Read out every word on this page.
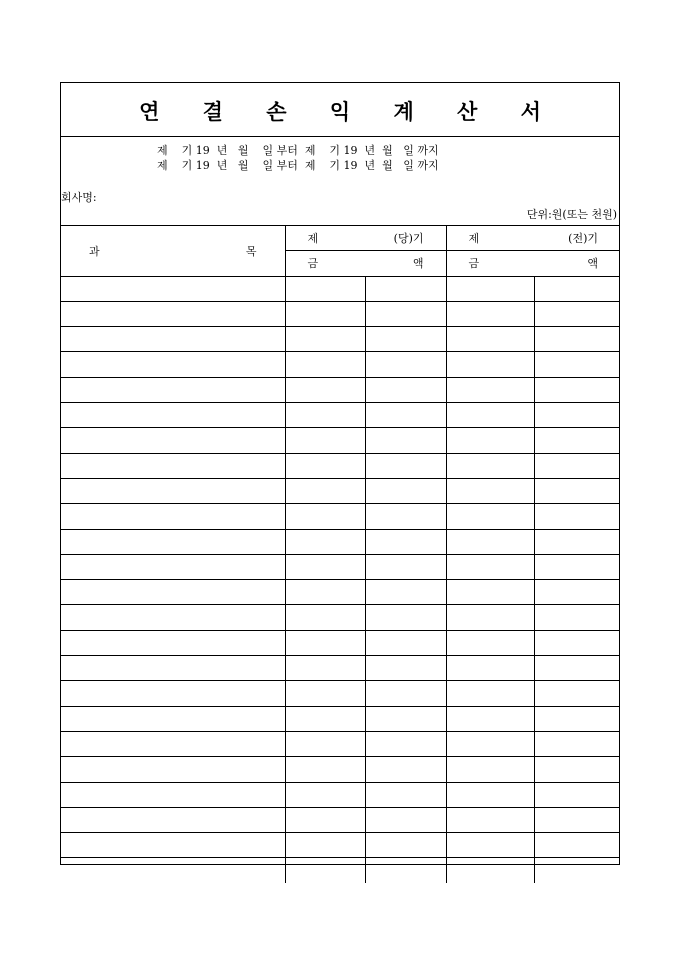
연 결 손 익 계 산 서
제    기 19  년   월    일 부터  제    기 19  년  월   일 까지
제    기 19  년   월    일 부터  제    기 19  년  월   일 까지
회사명:
단위:원(또는 천원)
과 목	제 (당)기		제 (전)기	

	금 액		금 액	
